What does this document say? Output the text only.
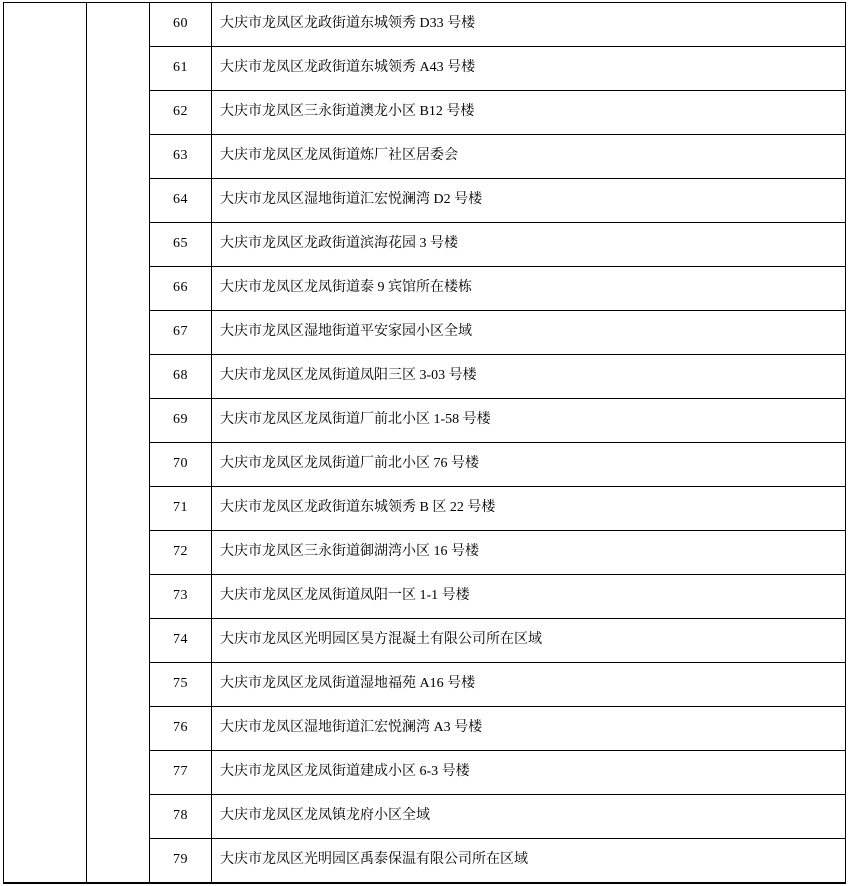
		60	大庆市龙凤区龙政街道东城领秀 D33 号楼
		61	大庆市龙凤区龙政街道东城领秀 A43 号楼
		62	大庆市龙凤区三永街道澳龙小区 B12 号楼
		63	大庆市龙凤区龙凤街道炼厂社区居委会
		64	大庆市龙凤区湿地街道汇宏悦澜湾 D2 号楼
		65	大庆市龙凤区龙政街道滨海花园 3 号楼
		66	大庆市龙凤区龙凤街道泰 9 宾馆所在楼栋
		67	大庆市龙凤区湿地街道平安家园小区全域
		68	大庆市龙凤区龙凤街道凤阳三区 3-03 号楼
		69	大庆市龙凤区龙凤街道厂前北小区 1-58 号楼
		70	大庆市龙凤区龙凤街道厂前北小区 76 号楼
		71	大庆市龙凤区龙政街道东城领秀 B 区 22 号楼
		72	大庆市龙凤区三永街道御湖湾小区 16 号楼
		73	大庆市龙凤区龙凤街道凤阳一区 1-1 号楼
		74	大庆市龙凤区光明园区昊方混凝土有限公司所在区域
		75	大庆市龙凤区龙凤街道湿地福苑 A16 号楼
		76	大庆市龙凤区湿地街道汇宏悦澜湾 A3 号楼
		77	大庆市龙凤区龙凤街道建成小区 6-3 号楼
		78	大庆市龙凤区龙凤镇龙府小区全域
		79	大庆市龙凤区光明园区禹泰保温有限公司所在区域
